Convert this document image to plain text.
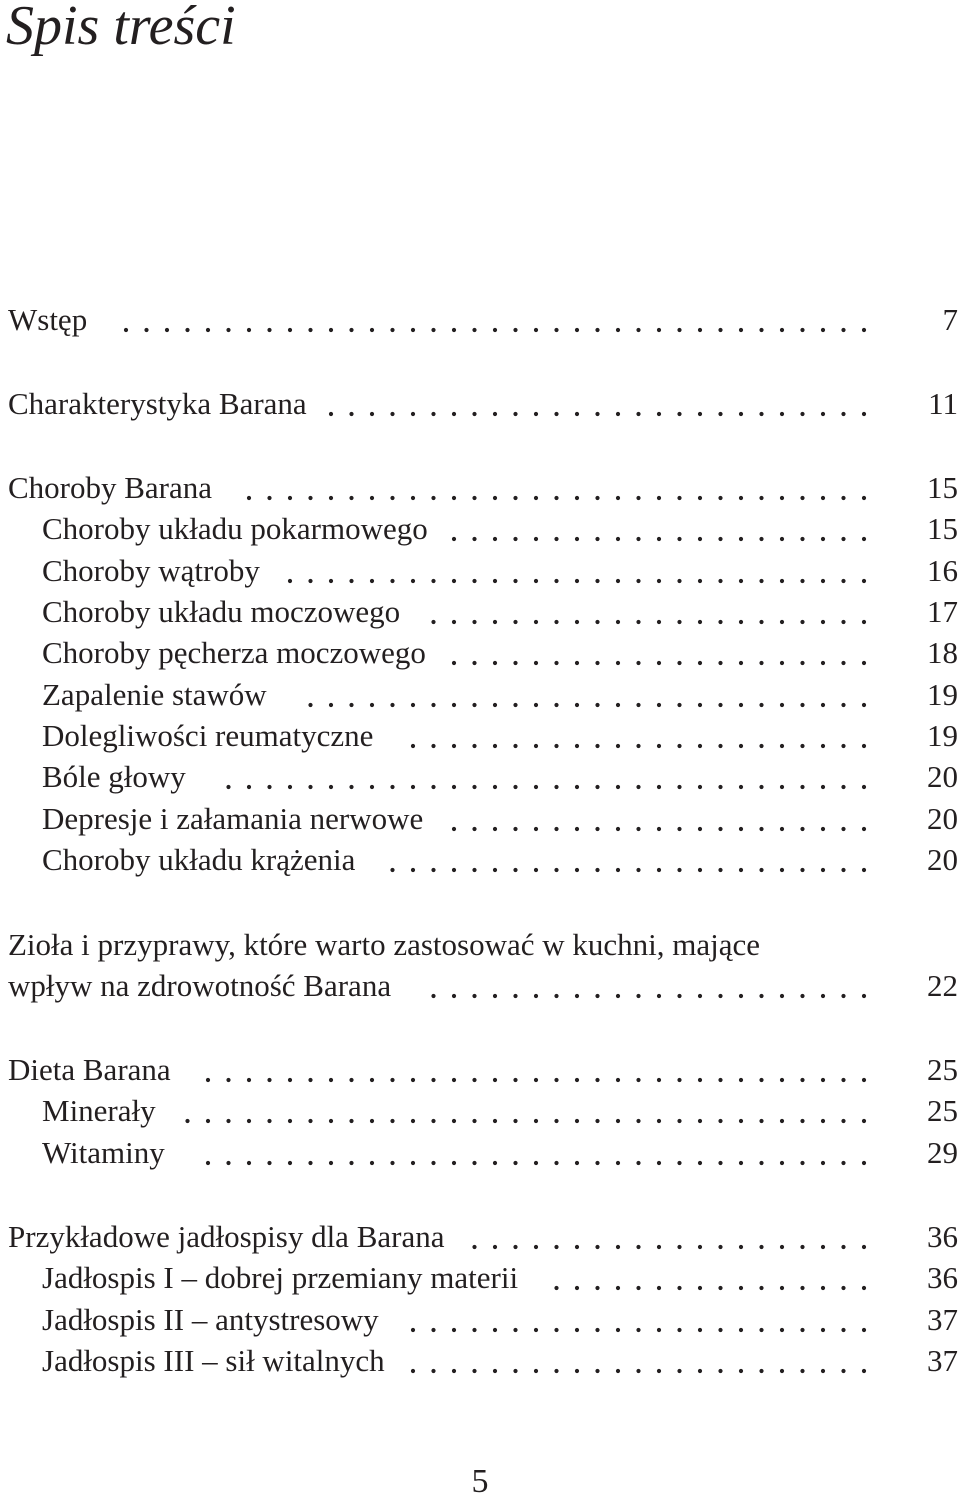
Spis treści
Wstęp	7
Charakterystyka Barana	11
Choroby Barana	15
Choroby układu pokarmowego	15
Choroby wątroby	16
Choroby układu moczowego	17
Choroby pęcherza moczowego	18
Zapalenie stawów	19
Dolegliwości reumatyczne	19
Bóle głowy	20
Depresje i załamania nerwowe	20
Choroby układu krążenia	20
Zioła i przyprawy, które warto zastosować w kuchni, mające
wpływ na zdrowotność Barana	22
Dieta Barana	25
Minerały	25
Witaminy	29
Przykładowe jadłospisy dla Barana	36
Jadłospis I – dobrej przemiany materii	36
Jadłospis II – antystresowy	37
Jadłospis III – sił witalnych	37
5
